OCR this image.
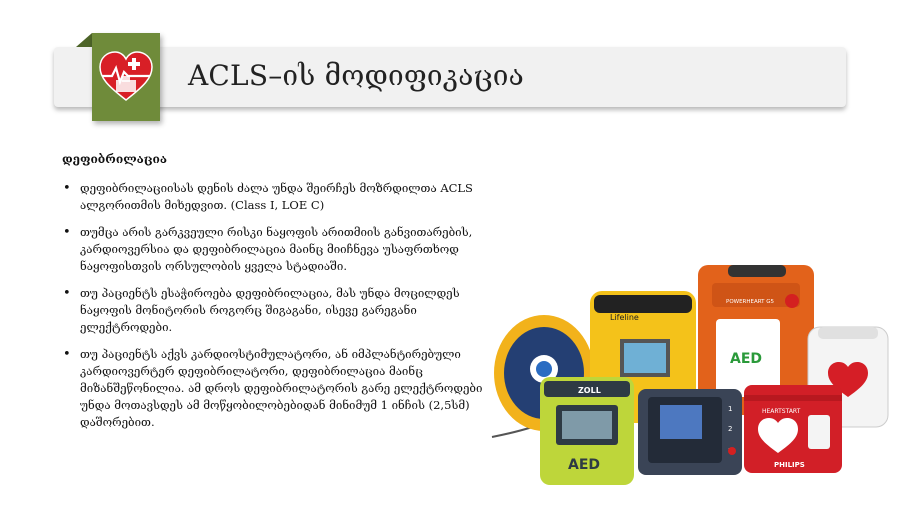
ACLS–ის მოდიფიკაცია
დეფიბრილაცია
• დეფიბრილაციისას დენის ძალა უნდა შეირჩეს მოზრდილთა ACLS ალგორითმის მიხედვით. (Class I, LOE C)
• თუმცა არის გარკვეული რისკი ნაყოფის არითმიის განვითარების, კარდიოვერსია და დეფიბრილაცია მაინც მიიჩნევა უსაფრთხოდ ნაყოფისთვის ორსულობის ყველა სტადიაში.
• თუ პაციენტს ესაჭიროება დეფიბრილაცია, მას უნდა მოცილდეს ნაყოფის მონიტორის როგორც შიგაგანი, ისევე გარეგანი ელექტროდები.
• თუ პაციენტს აქვს კარდიოსტიმულატორი, ან იმპლანტირებული კარდიოვერტერ დეფიბრილატორი, დეფიბრილაცია მაინც მიზანშეწონილია. ამ დროს დეფიბრილატორის გარე ელექტროდები უნდა მოთავსდეს ამ მოწყობილობებიდან მინიმუმ 1 ინჩის (2,5სმ) დაშორებით.
Lifeline
POWERHEART G5
AED
ZOLL
AED
1
2
HEARTSTART
PHILIPS
